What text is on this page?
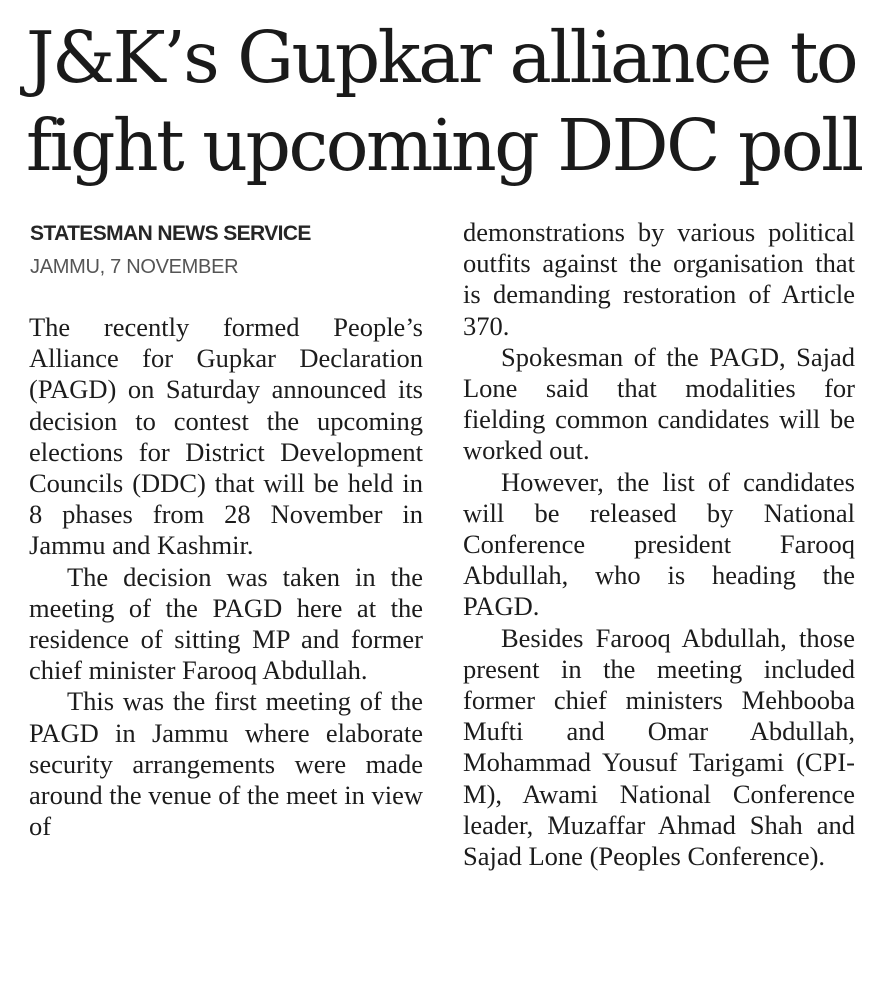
J&K’s Gupkar alliance to
fight upcoming DDC poll
STATESMAN NEWS SERVICE
JAMMU, 7 NOVEMBER

The recently formed People’s Alliance for Gupkar Declaration (PAGD) on Saturday announced its decision to contest the upcoming elections for District Development Councils (DDC) that will be held in 8 phases from 28 November in Jammu and Kashmir.

The decision was taken in the meeting of the PAGD here at the residence of sitting MP and former chief minister Farooq Abdullah.

This was the first meeting of the PAGD in Jammu where elaborate security arrangements were made around the venue of the meet in view of

demonstrations by various political outfits against the organisation that is demanding restoration of Article 370.

Spokesman of the PAGD, Sajad Lone said that modalities for fielding common candidates will be worked out.

However, the list of candidates will be released by National Conference president Farooq Abdullah, who is heading the PAGD.

Besides Farooq Abdullah, those present in the meeting included former chief ministers Mehbooba Mufti and Omar Abdullah, Mohammad Yousuf Tarigami (CPI-M), Awami National Conference leader, Muzaffar Ahmad Shah and Sajad Lone (Peoples Conference).
